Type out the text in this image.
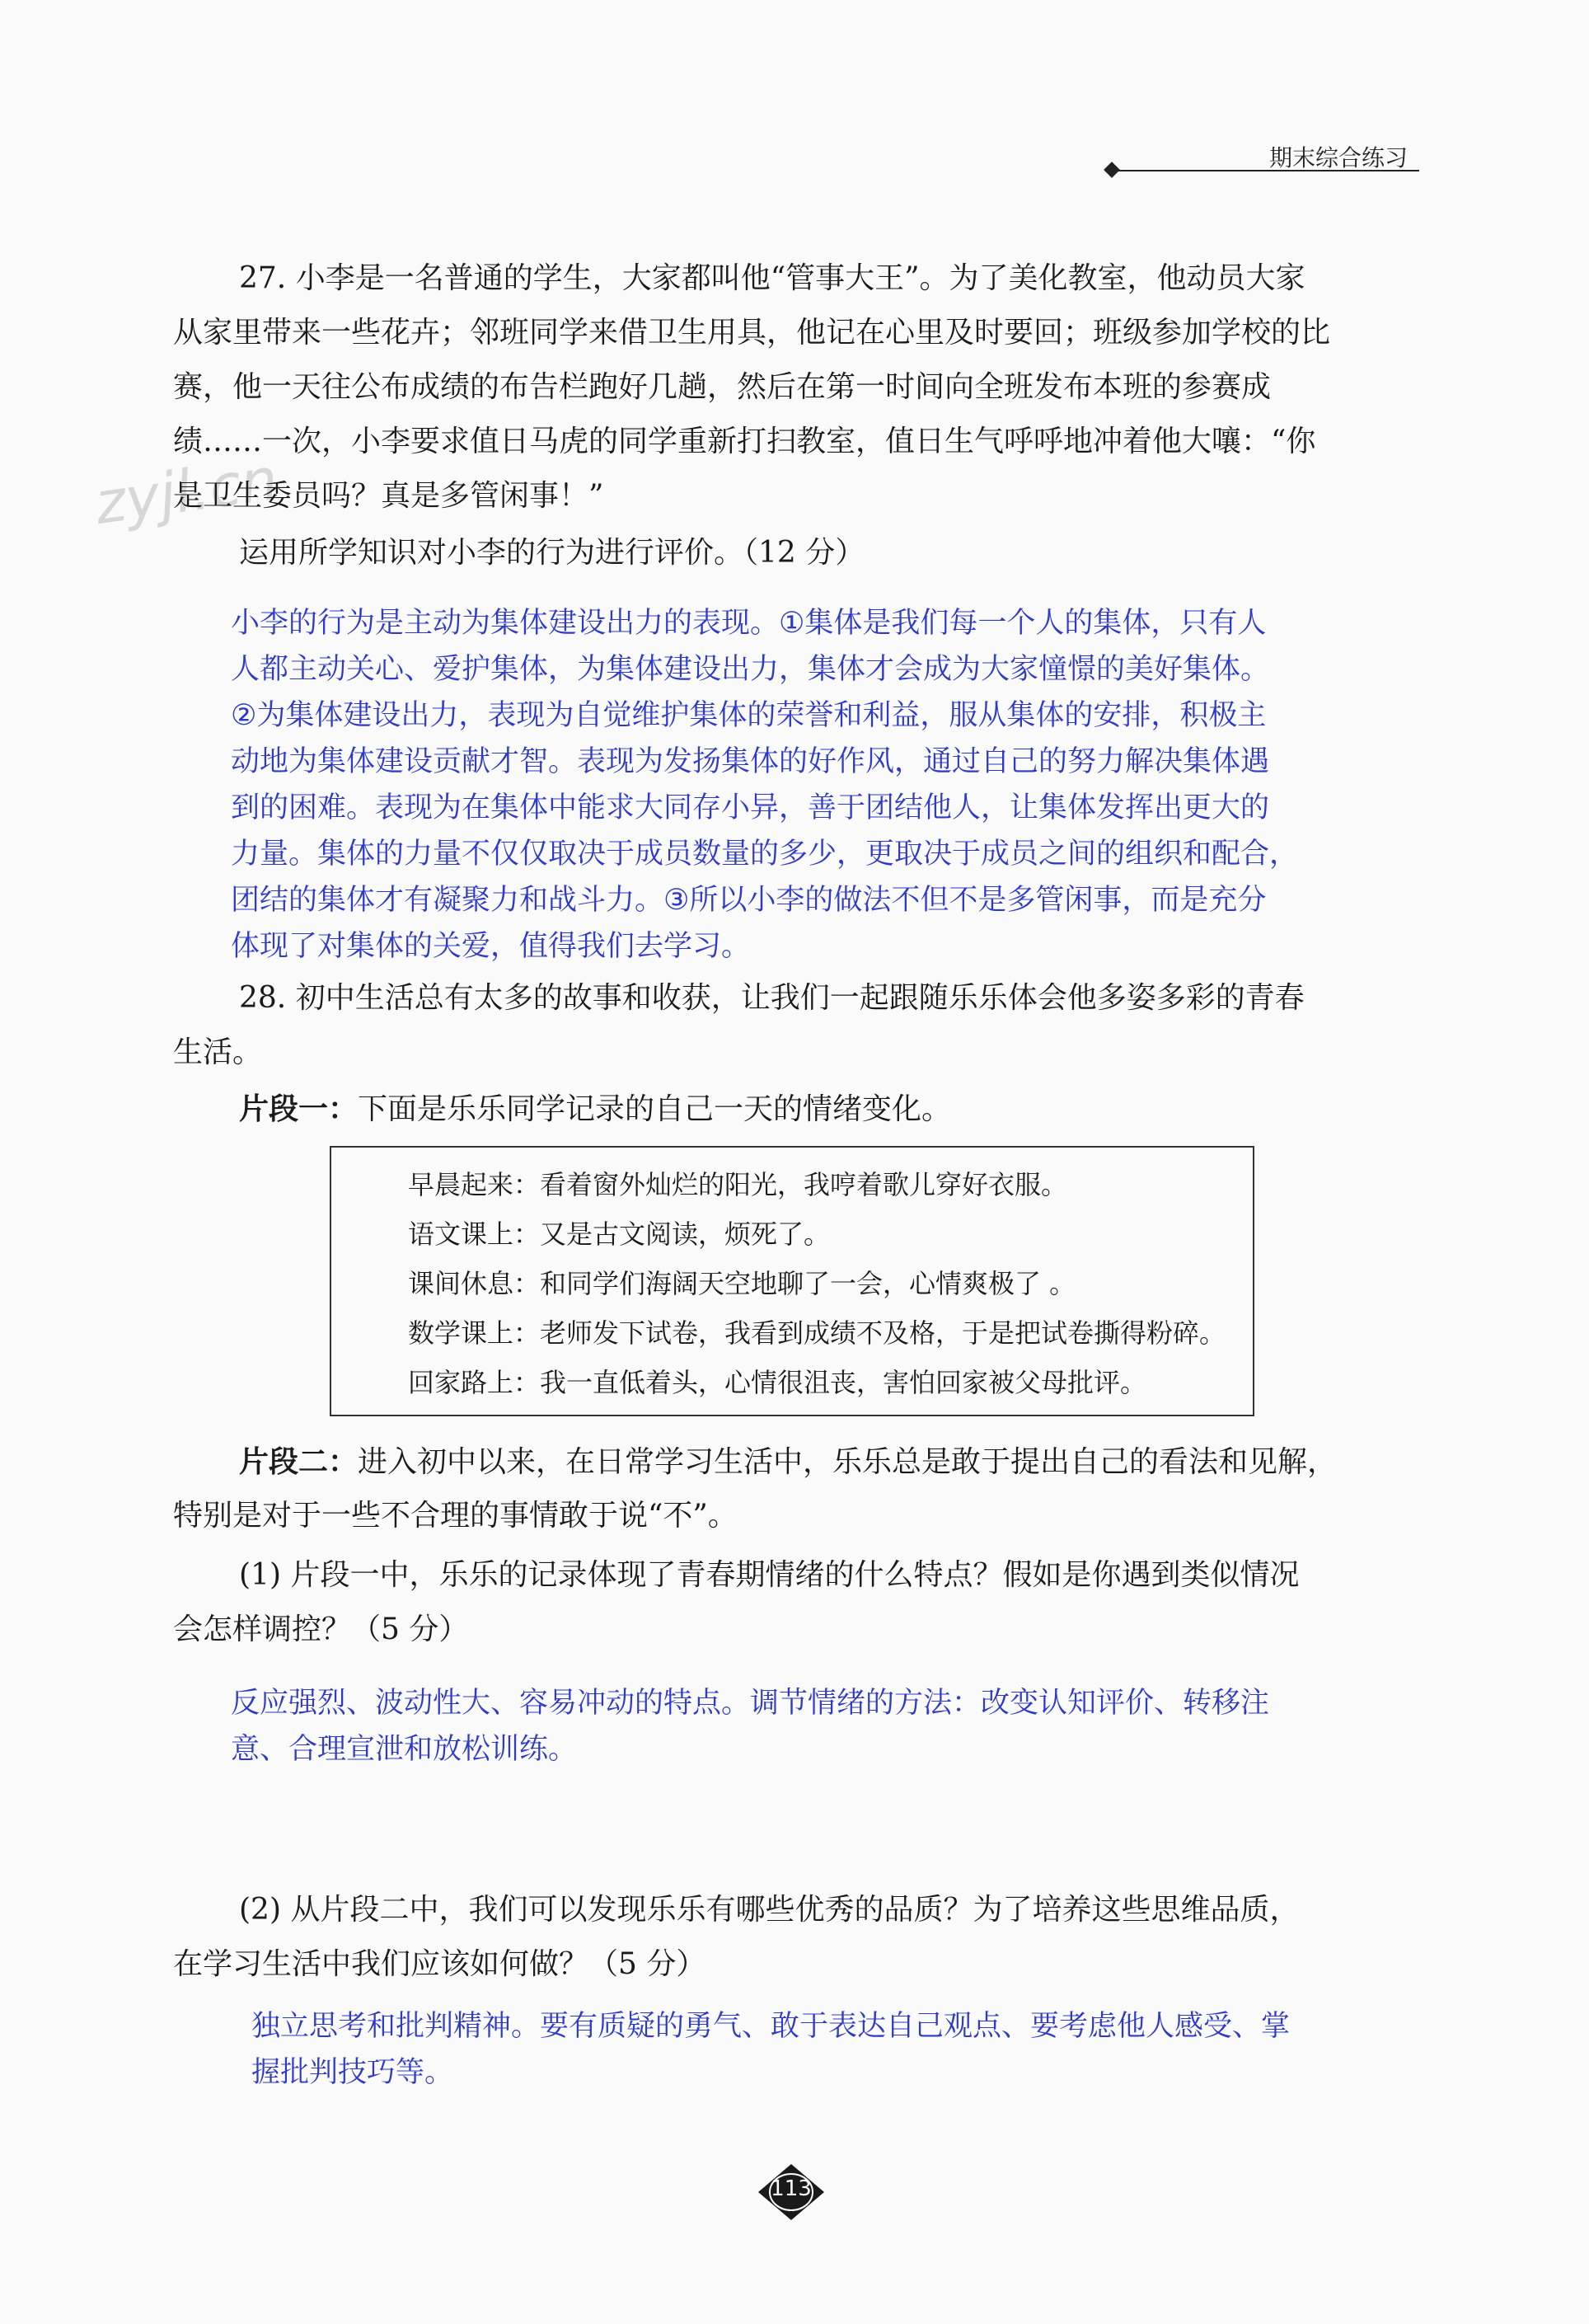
期末综合练习
zyjl.cn
27. 小李是一名普通的学生，大家都叫他“管事大王”。为了美化教室，他动员大家
从家里带来一些花卉；邻班同学来借卫生用具，他记在心里及时要回；班级参加学校的比
赛，他一天往公布成绩的布告栏跑好几趟，然后在第一时间向全班发布本班的参赛成
绩……一次，小李要求值日马虎的同学重新打扫教室，值日生气呼呼地冲着他大嚷：“你
是卫生委员吗？真是多管闲事！”
运用所学知识对小李的行为进行评价。（12 分）
小李的行为是主动为集体建设出力的表现。①集体是我们每一个人的集体，只有人
人都主动关心、爱护集体，为集体建设出力，集体才会成为大家憧憬的美好集体。
②为集体建设出力，表现为自觉维护集体的荣誉和利益，服从集体的安排，积极主
动地为集体建设贡献才智。表现为发扬集体的好作风，通过自己的努力解决集体遇
到的困难。表现为在集体中能求大同存小异，善于团结他人，让集体发挥出更大的
力量。集体的力量不仅仅取决于成员数量的多少，更取决于成员之间的组织和配合，
团结的集体才有凝聚力和战斗力。③所以小李的做法不但不是多管闲事，而是充分
体现了对集体的关爱，值得我们去学习。
28. 初中生活总有太多的故事和收获，让我们一起跟随乐乐体会他多姿多彩的青春
生活。
片段一：下面是乐乐同学记录的自己一天的情绪变化。
早晨起来：看着窗外灿烂的阳光，我哼着歌儿穿好衣服。
语文课上：又是古文阅读，烦死了。
课间休息：和同学们海阔天空地聊了一会，心情爽极了 。
数学课上：老师发下试卷，我看到成绩不及格，于是把试卷撕得粉碎。
回家路上：我一直低着头，心情很沮丧，害怕回家被父母批评。
片段二：进入初中以来，在日常学习生活中，乐乐总是敢于提出自己的看法和见解，
特别是对于一些不合理的事情敢于说“不”。
(1) 片段一中，乐乐的记录体现了青春期情绪的什么特点？假如是你遇到类似情况
会怎样调控？（5 分）
反应强烈、波动性大、容易冲动的特点。调节情绪的方法：改变认知评价、转移注
意、合理宣泄和放松训练。
(2) 从片段二中，我们可以发现乐乐有哪些优秀的品质？为了培养这些思维品质，
在学习生活中我们应该如何做？（5 分）
独立思考和批判精神。要有质疑的勇气、敢于表达自己观点、要考虑他人感受、掌
握批判技巧等。
113
